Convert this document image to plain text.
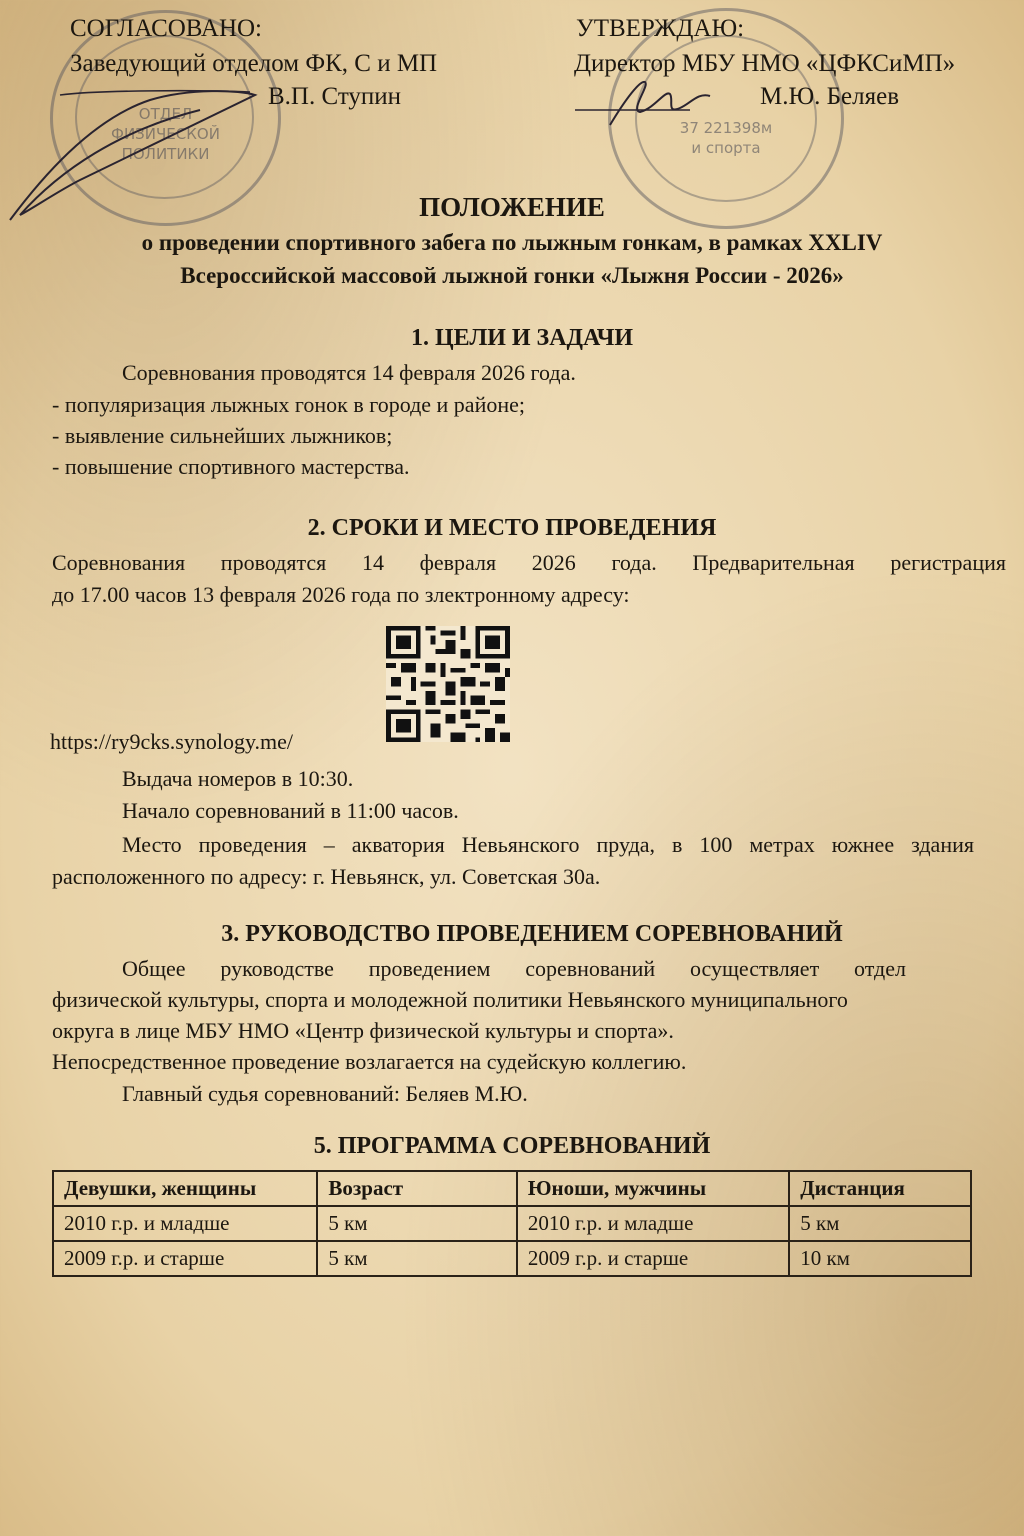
ОТДЕЛ
ФИЗИЧЕСКОЙ
ПОЛИТИКИ
37 221398м
и спорта
СОГЛАСОВАНО:
Заведующий отделом ФК, С и МП
В.П. Ступин
УТВЕРЖДАЮ:
Директор МБУ НМО «ЦФКСиМП»
М.Ю. Беляев
ПОЛОЖЕНИЕ
о проведении спортивного забега по лыжным гонкам, в рамках XXLIV
Всероссийской массовой лыжной гонки «Лыжня России - 2026»
1. ЦЕЛИ И ЗАДАЧИ
Соревнования проводятся 14 февраля 2026 года.
- популяризация лыжных гонок в городе и районе;
- выявление сильнейших лыжников;
- повышение спортивного мастерства.
2. СРОКИ И МЕСТО ПРОВЕДЕНИЯ
Соревнования проводятся 14 февраля 2026 года. Предварительная регистрация
до 17.00 часов 13 февраля 2026 года по злектронному адресу:
https://ry9cks.synology.me/
Выдача номеров в 10:30.
Начало соревнований в 11:00 часов.
Место проведения – акватория Невьянского пруда, в 100 метрах южнее здания
расположенного по адресу: г. Невьянск, ул. Советская 30а.
3. РУКОВОДСТВО ПРОВЕДЕНИЕМ СОРЕВНОВАНИЙ
Общее руководстве проведением соревнований осуществляет отдел
физической культуры, спорта и молодежной политики Невьянского муниципального
округа в лице МБУ НМО «Центр физической культуры и спорта».
Непосредственное проведение возлагается на судейскую коллегию.
Главный судья соревнований: Беляев М.Ю.
5. ПРОГРАММА СОРЕВНОВАНИЙ
Девушки, женщины	Возраст	Юноши, мужчины	Дистанция
2010 г.р. и младше	5 км	2010 г.р. и младше	5 км
2009 г.р. и старше	5 км	2009 г.р. и старше	10 км
